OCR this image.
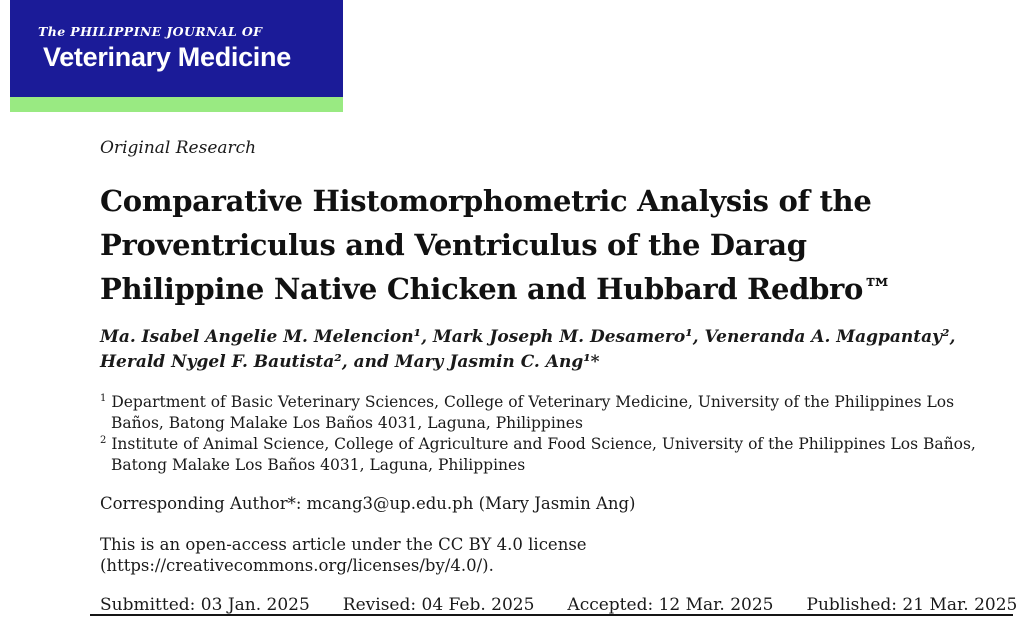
The PHILIPPINE JOURNAL OF
Veterinary Medicine
Original Research
Comparative Histomorphometric Analysis of the
Proventriculus and Ventriculus of the Darag
Philippine Native Chicken and Hubbard Redbro™
Ma. Isabel Angelie M. Melencion¹, Mark Joseph M. Desamero¹, Veneranda A. Magpantay², Herald Nygel F. Bautista², and Mary Jasmin C. Ang¹*
$^1$ Department of Basic Veterinary Sciences, College of Veterinary Medicine, University of the Philippines Los Baños, Batong Malake Los Baños 4031, Laguna, Philippines
$^2$ Institute of Animal Science, College of Agriculture and Food Science, University of the Philippines Los Baños, Batong Malake Los Baños 4031, Laguna, Philippines
Corresponding Author*: mcang3@up.edu.ph (Mary Jasmin Ang)
This is an open-access article under the CC BY 4.0 license (https://creativecommons.org/licenses/by/4.0/).
Submitted: 03 Jan. 2025 Revised: 04 Feb. 2025 Accepted: 12 Mar. 2025 Published: 21 Mar. 2025
